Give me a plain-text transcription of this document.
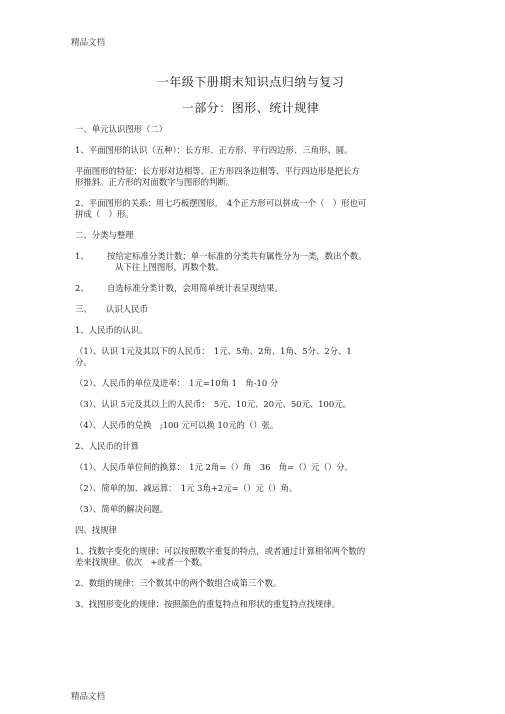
精品文档
一年级下册期末知识点归纳与复习
一部分：图形、统计规律
一、单元认识图形（二）
1、平面图形的认识（五种）：长方形、正方形、平行四边形、三角形、圆。
平面图形的特征：长方形对边相等、正方形四条边相等、平行四边形是把长方
形推斜。正方形的对面数字与图形的判断。
2、平面图形的关系：用七巧板摆图形。　4个正方形可以拼成一个（　）形也可
拼成（　）形。
二、分类与整理
1、 按给定标准分类计数：单一标准的分类共有属性分为一类，数出个数。
从下往上图图形，再数个数。
2、 自选标准分类计数，会用简单统计表呈现结果。
三、 认识人民币
1、人民币的认识。
（1）、认识 1元及其以下的人民币：　1元、5角、2角、1角、5分、2分、1
分。
（2）、人民币的单位及进率：　1元=10角 1　角-10 分
（3）、认识 5元及其以上的人民币：　5元、10元、20元、50元、100元。
（4）、人民币的兑换　;100 元可以换 10元的（）张。
2、人民币的计算
（1）、人民币单位间的换算：　1元 2角=（）角　36　角=（）元（）分。
（2）、简单的加、减运算：　1元 3角+2元=（）元（）角。
（3）、简单的解决问题。
四、找规律
1、找数字变化的规律：可以按照数字重复的特点，或者通过计算相邻两个数的
差来找规律。依次　+或者一个数。
2、数组的规律：三个数其中的两个数组合成第三个数。
3、找图形变化的规律：按照颜色的重复特点和形状的重复特点找规律。
精品文档
